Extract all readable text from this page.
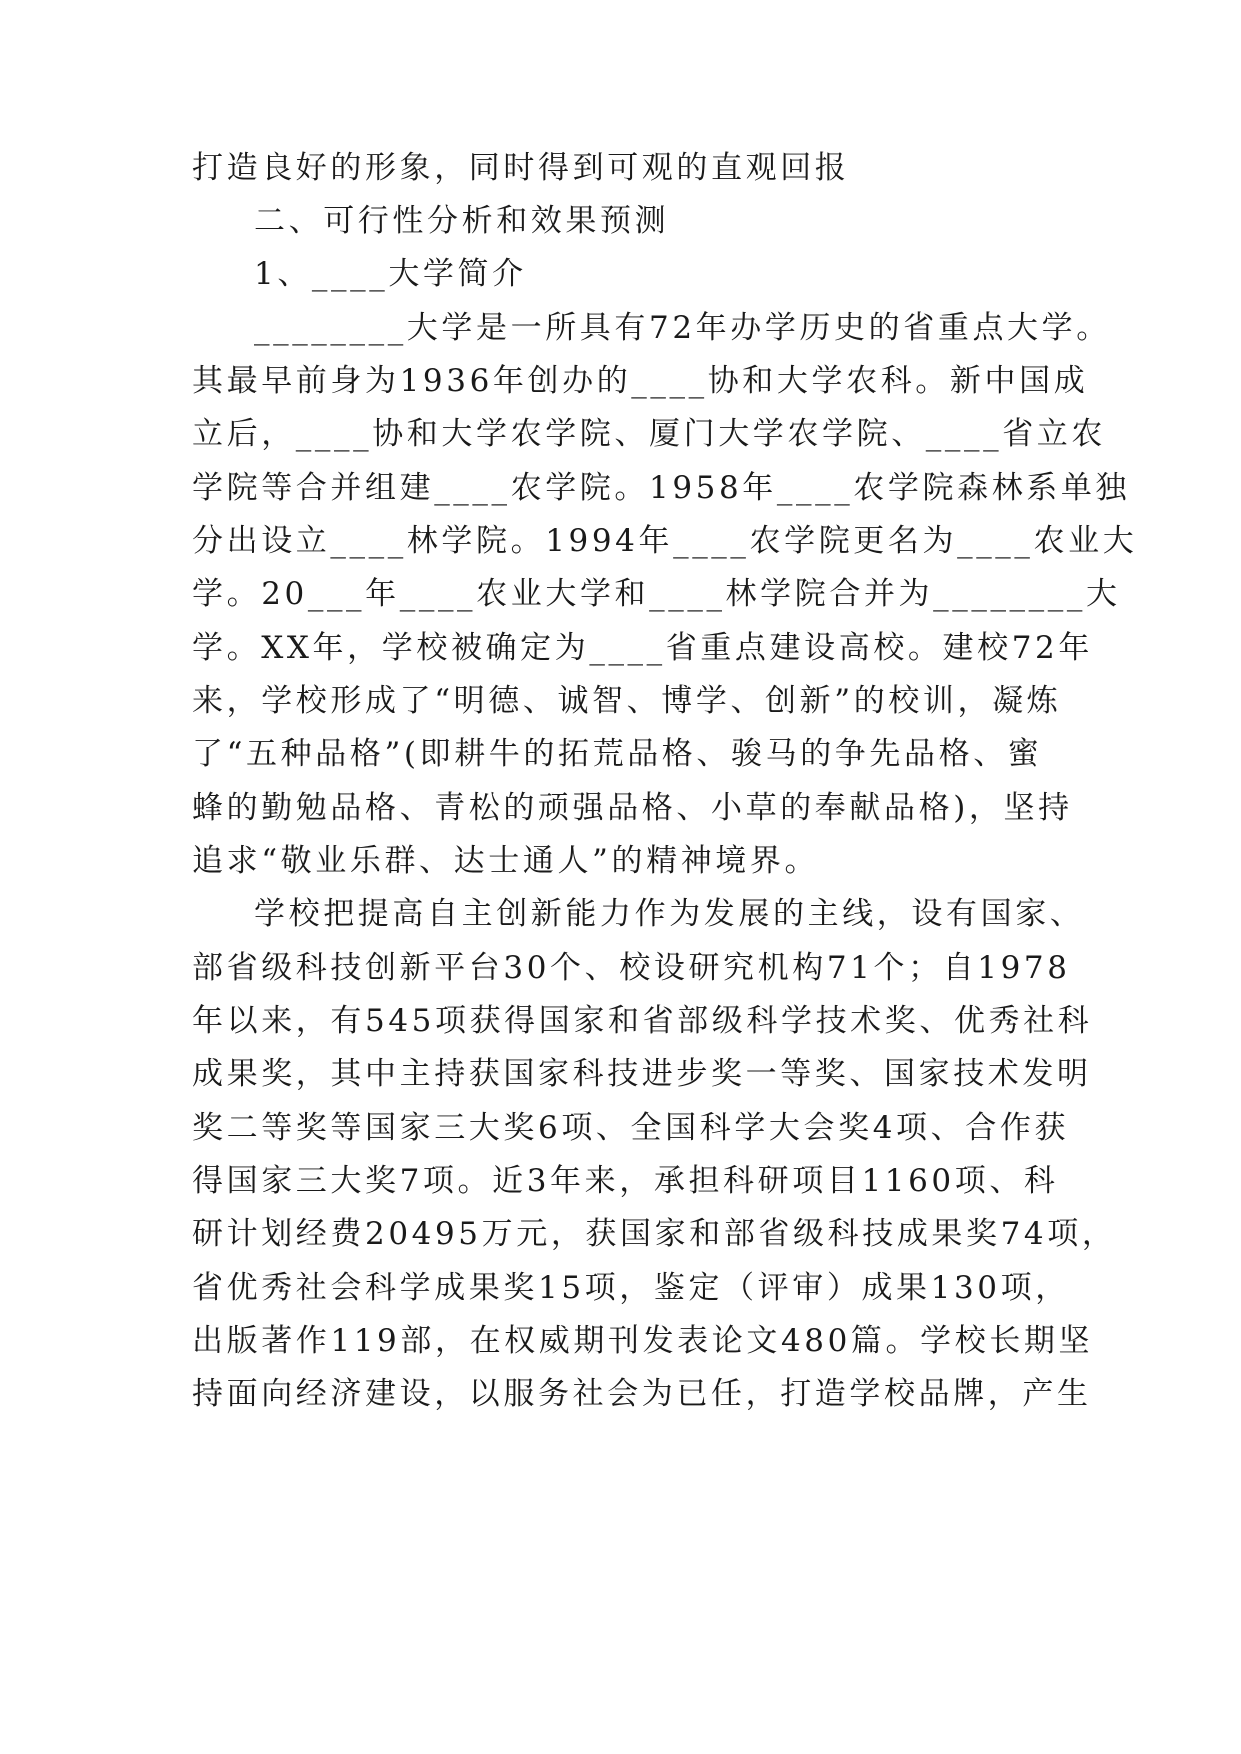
打造良好的形象，同时得到可观的直观回报
二、可行性分析和效果预测
1、____大学简介
________大学是一所具有72年办学历史的省重点大学。
其最早前身为1936年创办的____协和大学农科。新中国成
立后，____协和大学农学院、厦门大学农学院、____省立农
学院等合并组建____农学院。1958年____农学院森林系单独
分出设立____林学院。1994年____农学院更名为____农业大
学。20___年____农业大学和____林学院合并为________大
学。XX年，学校被确定为____省重点建设高校。建校72年
来，学校形成了“明德、诚智、博学、创新”的校训，凝炼
了“五种品格”(即耕牛的拓荒品格、骏马的争先品格、蜜
蜂的勤勉品格、青松的顽强品格、小草的奉献品格)，坚持
追求“敬业乐群、达士通人”的精神境界。
学校把提高自主创新能力作为发展的主线，设有国家、
部省级科技创新平台30个、校设研究机构71个；自1978
年以来，有545项获得国家和省部级科学技术奖、优秀社科
成果奖，其中主持获国家科技进步奖一等奖、国家技术发明
奖二等奖等国家三大奖6项、全国科学大会奖4项、合作获
得国家三大奖7项。近3年来，承担科研项目1160项、科
研计划经费20495万元，获国家和部省级科技成果奖74项，
省优秀社会科学成果奖15项，鉴定（评审）成果130项，
出版著作119部，在权威期刊发表论文480篇。学校长期坚
持面向经济建设，以服务社会为已任，打造学校品牌，产生
